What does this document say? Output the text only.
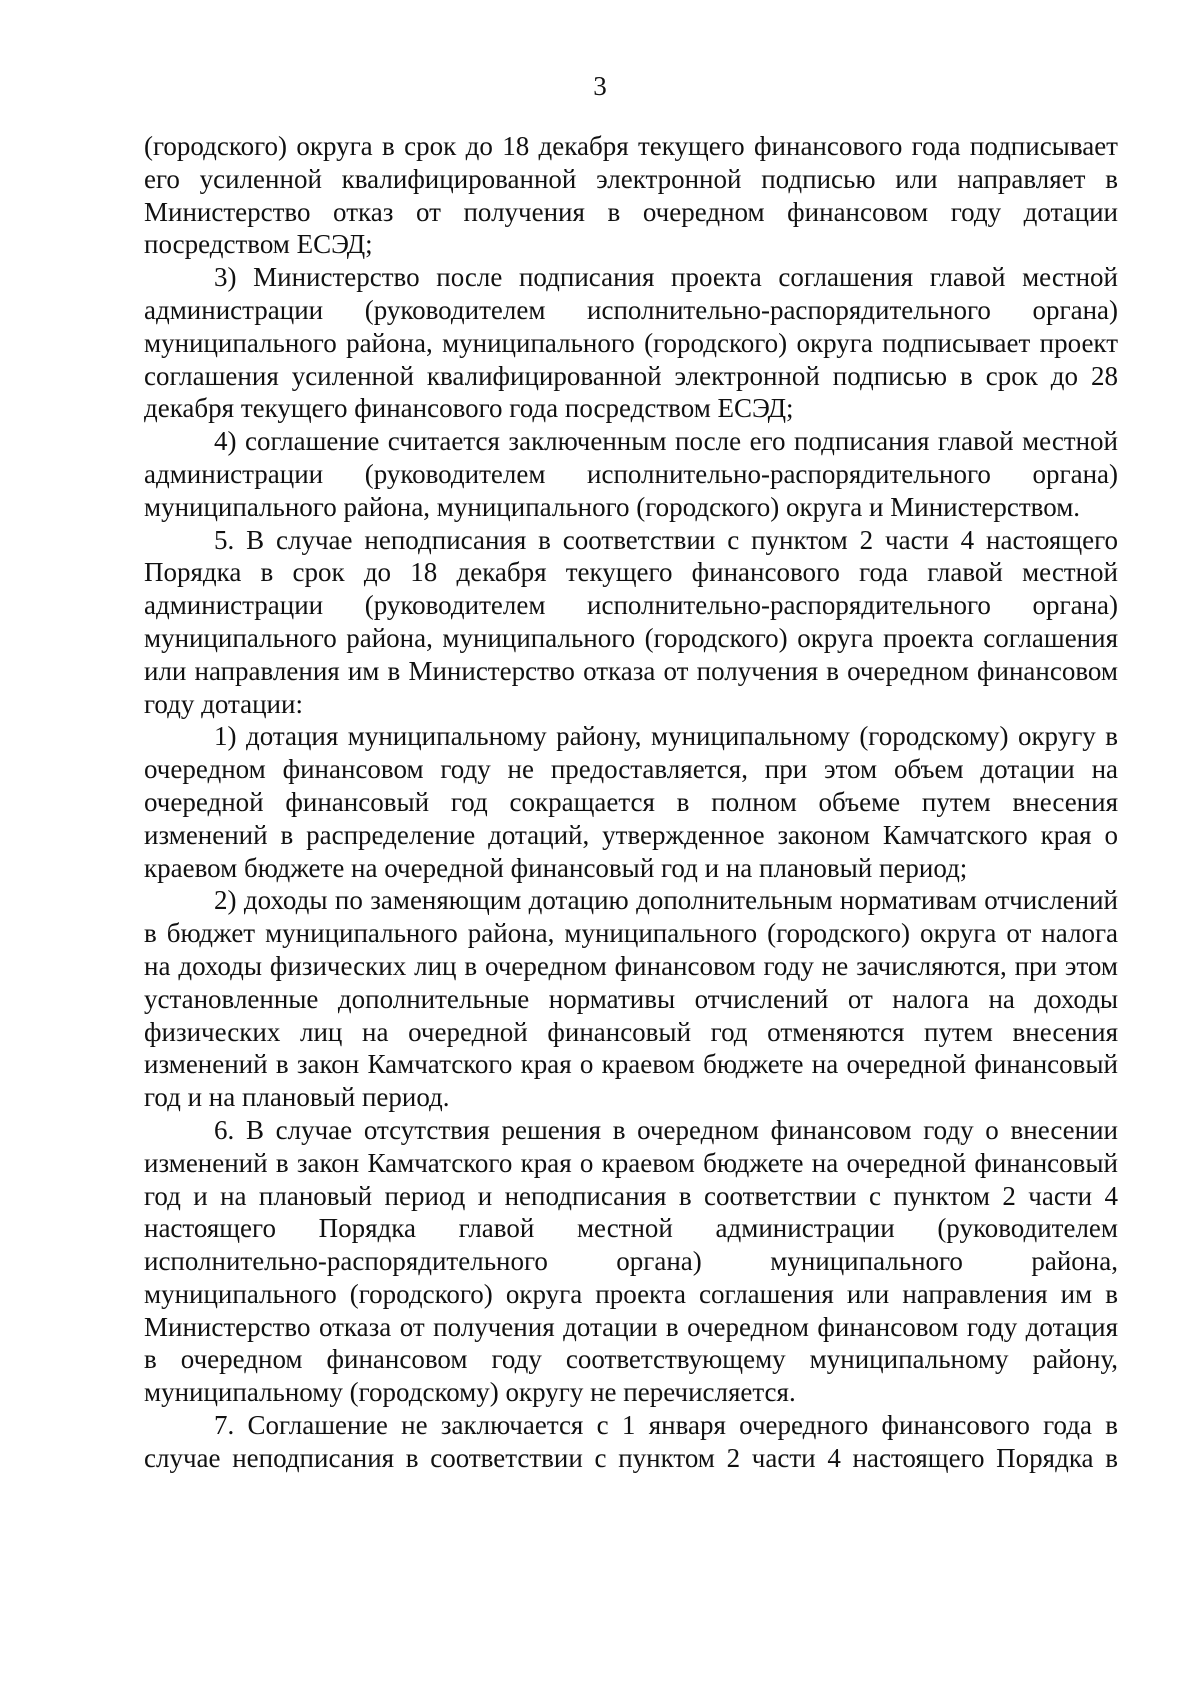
3

(городского) округа в срок до 18 декабря текущего финансового года подписывает его усиленной квалифицированной электронной подписью или направляет в Министерство отказ от получения в очередном финансовом году дотации посредством ЕСЭД;

3) Министерство после подписания проекта соглашения главой местной администрации (руководителем исполнительно-распорядительного органа) муниципального района, муниципального (городского) округа подписывает проект соглашения усиленной квалифицированной электронной подписью в срок до 28 декабря текущего финансового года посредством ЕСЭД;

4) соглашение считается заключенным после его подписания главой местной администрации (руководителем исполнительно-распорядительного органа) муниципального района, муниципального (городского) округа и Министерством.

5. В случае неподписания в соответствии с пунктом 2 части 4 настоящего Порядка в срок до 18 декабря текущего финансового года главой местной администрации (руководителем исполнительно-распорядительного органа) муниципального района, муниципального (городского) округа проекта соглашения или направления им в Министерство отказа от получения в очередном финансовом году дотации:

1) дотация муниципальному району, муниципальному (городскому) округу в очередном финансовом году не предоставляется, при этом объем дотации на очередной финансовый год сокращается в полном объеме путем внесения изменений в распределение дотаций, утвержденное законом Камчатского края о краевом бюджете на очередной финансовый год и на плановый период;

2) доходы по заменяющим дотацию дополнительным нормативам отчислений в бюджет муниципального района, муниципального (городского) округа от налога на доходы физических лиц в очередном финансовом году не зачисляются, при этом установленные дополнительные нормативы отчислений от налога на доходы физических лиц на очередной финансовый год отменяются путем внесения изменений в закон Камчатского края о краевом бюджете на очередной финансовый год и на плановый период.

6. В случае отсутствия решения в очередном финансовом году о внесении изменений в закон Камчатского края о краевом бюджете на очередной финансовый год и на плановый период и неподписания в соответствии с пунктом 2 части 4 настоящего Порядка главой местной администрации (руководителем исполнительно-распорядительного органа) муниципального района, муниципального (городского) округа проекта соглашения или направления им в Министерство отказа от получения дотации в очередном финансовом году дотация в очередном финансовом году соответствующему муниципальному району, муниципальному (городскому) округу не перечисляется.

7. Соглашение не заключается с 1 января очередного финансового года в случае неподписания в соответствии с пунктом 2 части 4 настоящего Порядка в
